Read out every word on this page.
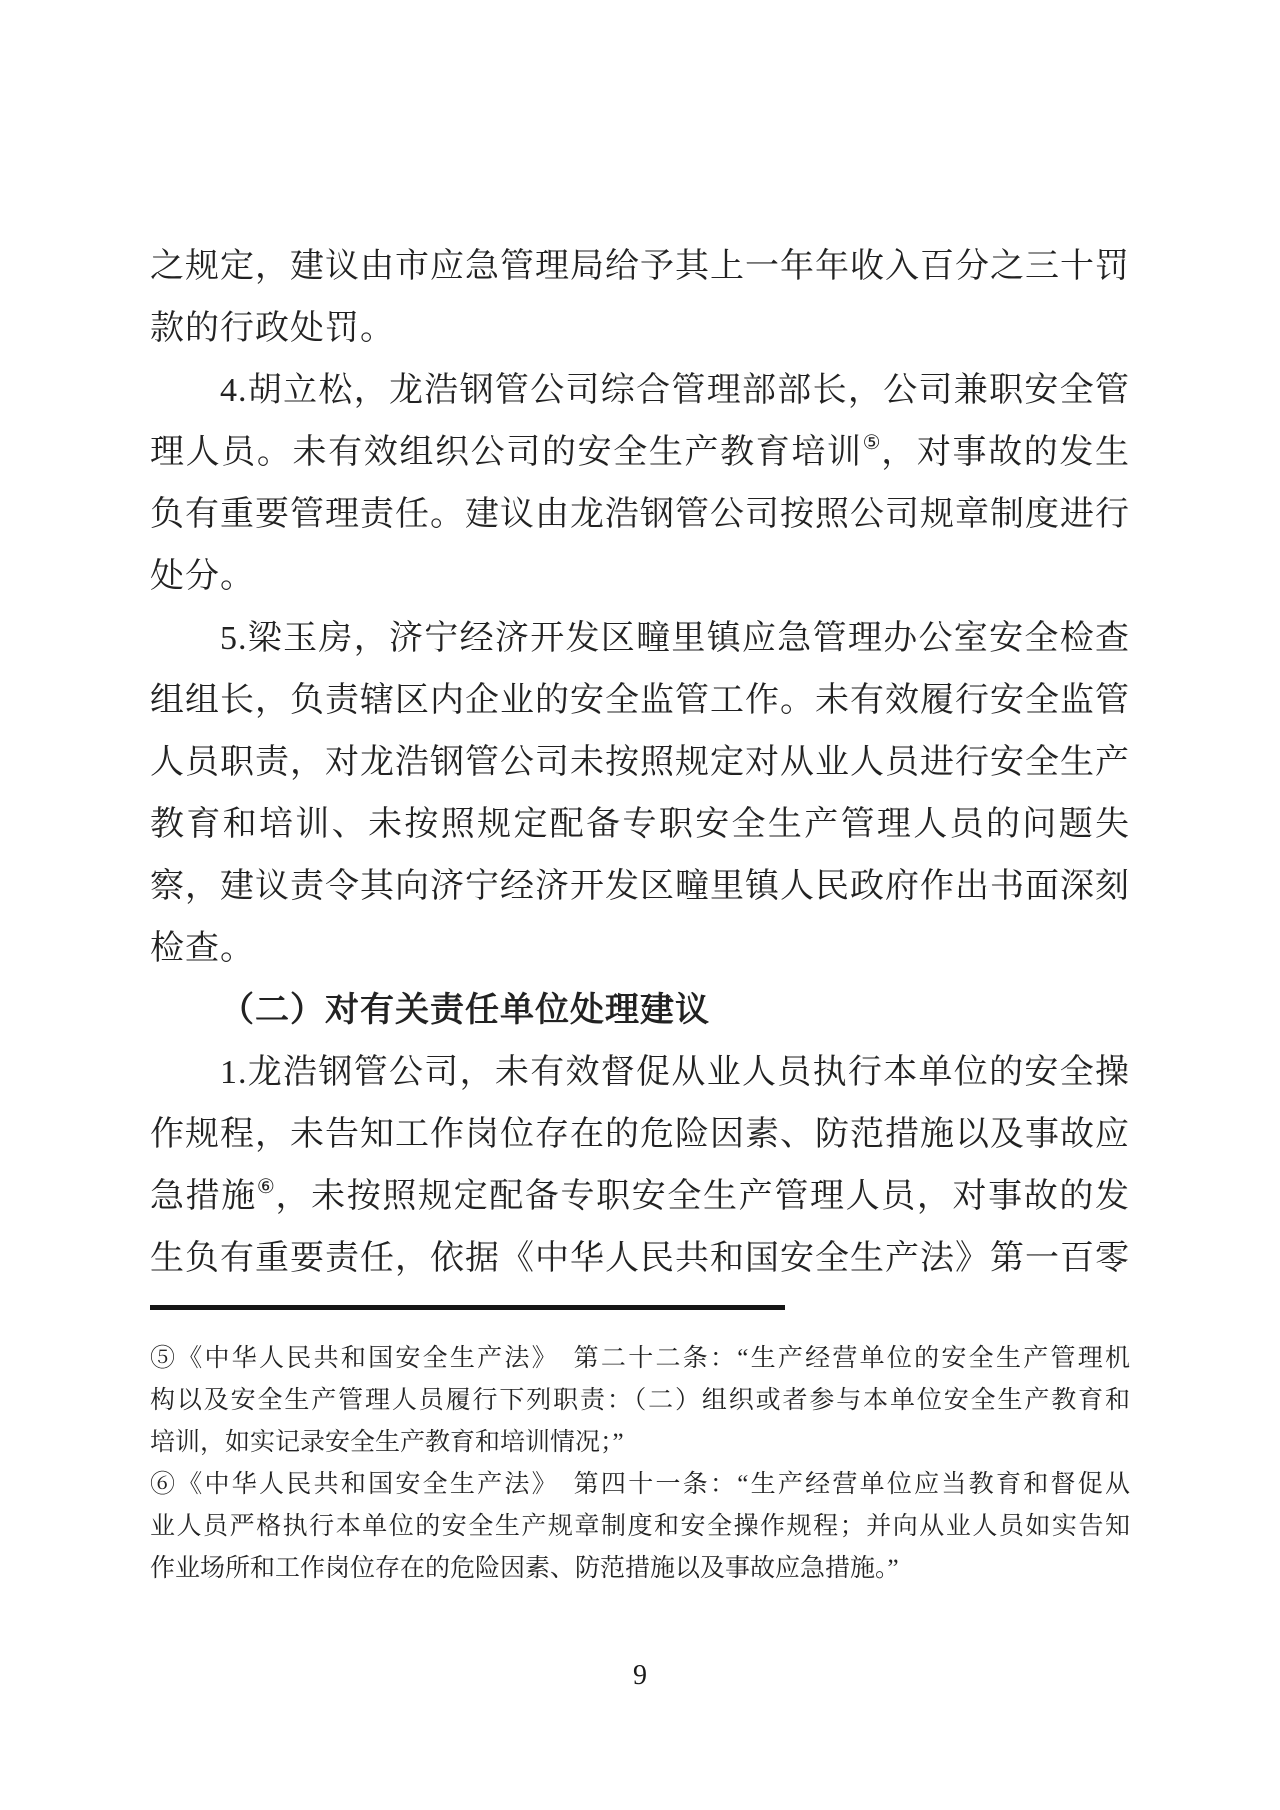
之规定，建议由市应急管理局给予其上一年年收入百分之三十罚
款的行政处罚。
4.胡立松，龙浩钢管公司综合管理部部长，公司兼职安全管
理人员。未有效组织公司的安全生产教育培训⑤，对事故的发生
负有重要管理责任。建议由龙浩钢管公司按照公司规章制度进行
处分。
5.梁玉房，济宁经济开发区疃里镇应急管理办公室安全检查
组组长，负责辖区内企业的安全监管工作。未有效履行安全监管
人员职责，对龙浩钢管公司未按照规定对从业人员进行安全生产
教育和培训、未按照规定配备专职安全生产管理人员的问题失
察，建议责令其向济宁经济开发区疃里镇人民政府作出书面深刻
检查。
（二）对有关责任单位处理建议
1.龙浩钢管公司，未有效督促从业人员执行本单位的安全操
作规程，未告知工作岗位存在的危险因素、防范措施以及事故应
急措施⑥，未按照规定配备专职安全生产管理人员，对事故的发
生负有重要责任，依据《中华人民共和国安全生产法》第一百零
⑤《中华人民共和国安全生产法》　第二十二条：“生产经营单位的安全生产管理机
构以及安全生产管理人员履行下列职责：（二）组织或者参与本单位安全生产教育和
培训，如实记录安全生产教育和培训情况；”
⑥《中华人民共和国安全生产法》　第四十一条：“生产经营单位应当教育和督促从
业人员严格执行本单位的安全生产规章制度和安全操作规程；并向从业人员如实告知
作业场所和工作岗位存在的危险因素、防范措施以及事故应急措施。”
9
